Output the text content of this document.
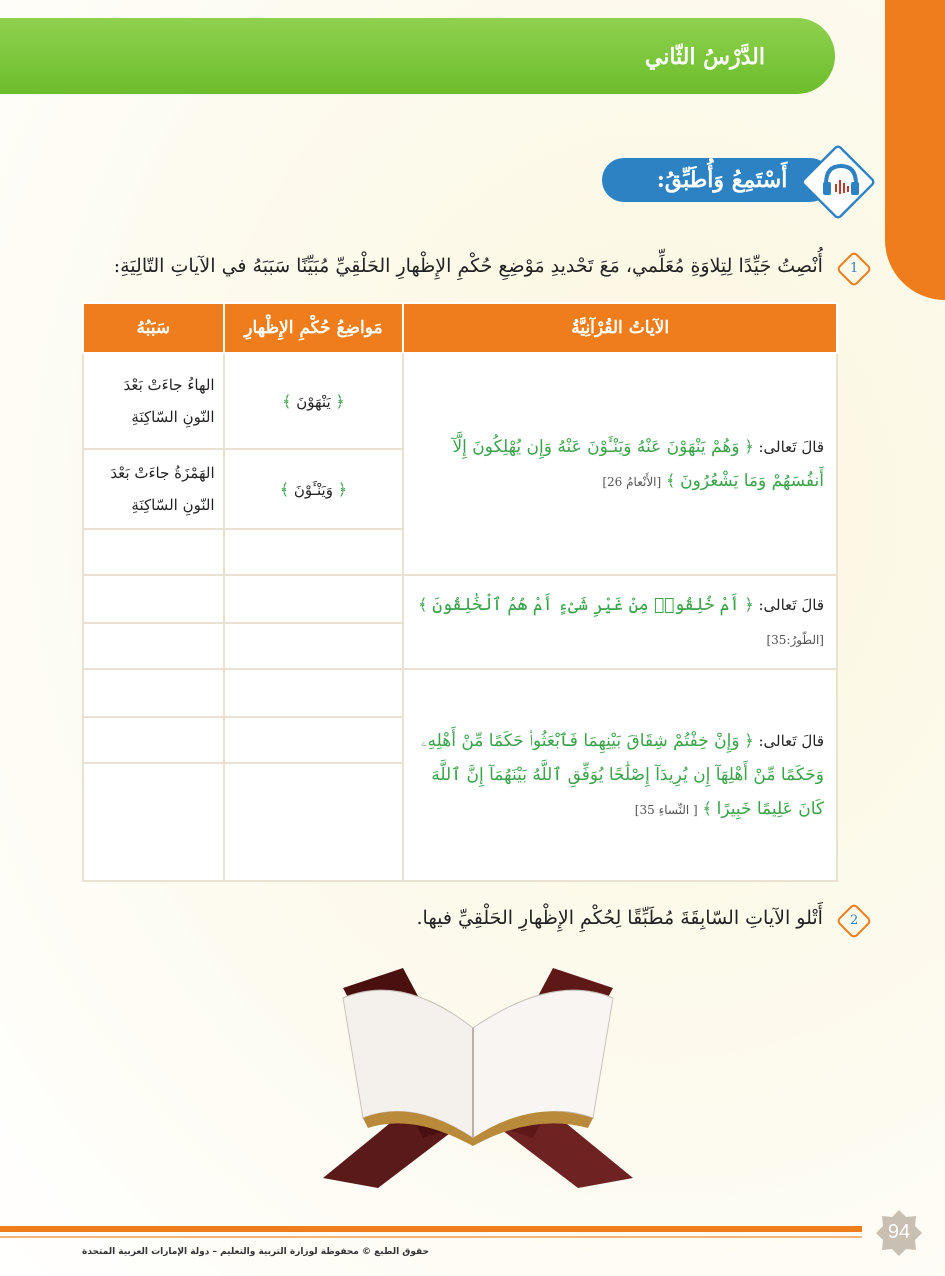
الدَّرْسُ الثّاني
أَسْتَمِعُ وَأُطَبِّقُ:
1 أُنْصِتُ جَيِّدًا لِتِلاوَةِ مُعَلِّمي، مَعَ تَحْديدِ مَوْضِعِ حُكْمِ الإِظْهارِ الحَلْقِيِّ مُبَيِّنًا سَبَبَهُ في الآياتِ التّالِيَةِ:
الآياتُ القُرْآنِيَّةُ	مَواضِعُ حُكْمِ الإِظْهارِ	سَبَبُهُ
قالَ تَعالى: ﴿ وَهُمْ يَنْهَوْنَ عَنْهُ وَيَنْـَٔوْنَ عَنْهُ وَإِن يُهْلِكُونَ إِلَّآ أَنفُسَهُمْ وَمَا يَشْعُرُونَ ﴾ [الأَنْعامُ 26]	﴿ يَنْهَوْنَ ﴾	الهاءُ جاءَتْ بَعْدَ النّونِ السّاكِنَةِ
	﴿ وَيَنْـَٔوْنَ ﴾	الهَمْزَةُ جاءَتْ بَعْدَ النّونِ السّاكِنَةِ

قالَ تَعالى: ﴿ أَمْ خُلِقُوا۟ مِنْ غَيْرِ شَىْءٍ أَمْ هُمُ ٱلْخَٰلِقُونَ ﴾ [الطّورُ:35]		

قالَ تَعالى: ﴿ وَإِنْ خِفْتُمْ شِقَاقَ بَيْنِهِمَا فَٱبْعَثُوا۟ حَكَمًا مِّنْ أَهْلِهِۦ وَحَكَمًا مِّنْ أَهْلِهَآ إِن يُرِيدَآ إِصْلَٰحًا يُوَفِّقِ ٱللَّهُ بَيْنَهُمَآ إِنَّ ٱللَّهَ كَانَ عَلِيمًا خَبِيرًا ﴾ [ النِّساءِ 35]		

2 أَتْلو الآياتِ السّابِقَةَ مُطَبِّقًا لِحُكْمِ الإِظْهارِ الحَلْقِيِّ فيها.
94
حقوق الطبع © محفوظة لوزارة التربية والتعليم – دولة الإمارات العربية المتحدة
